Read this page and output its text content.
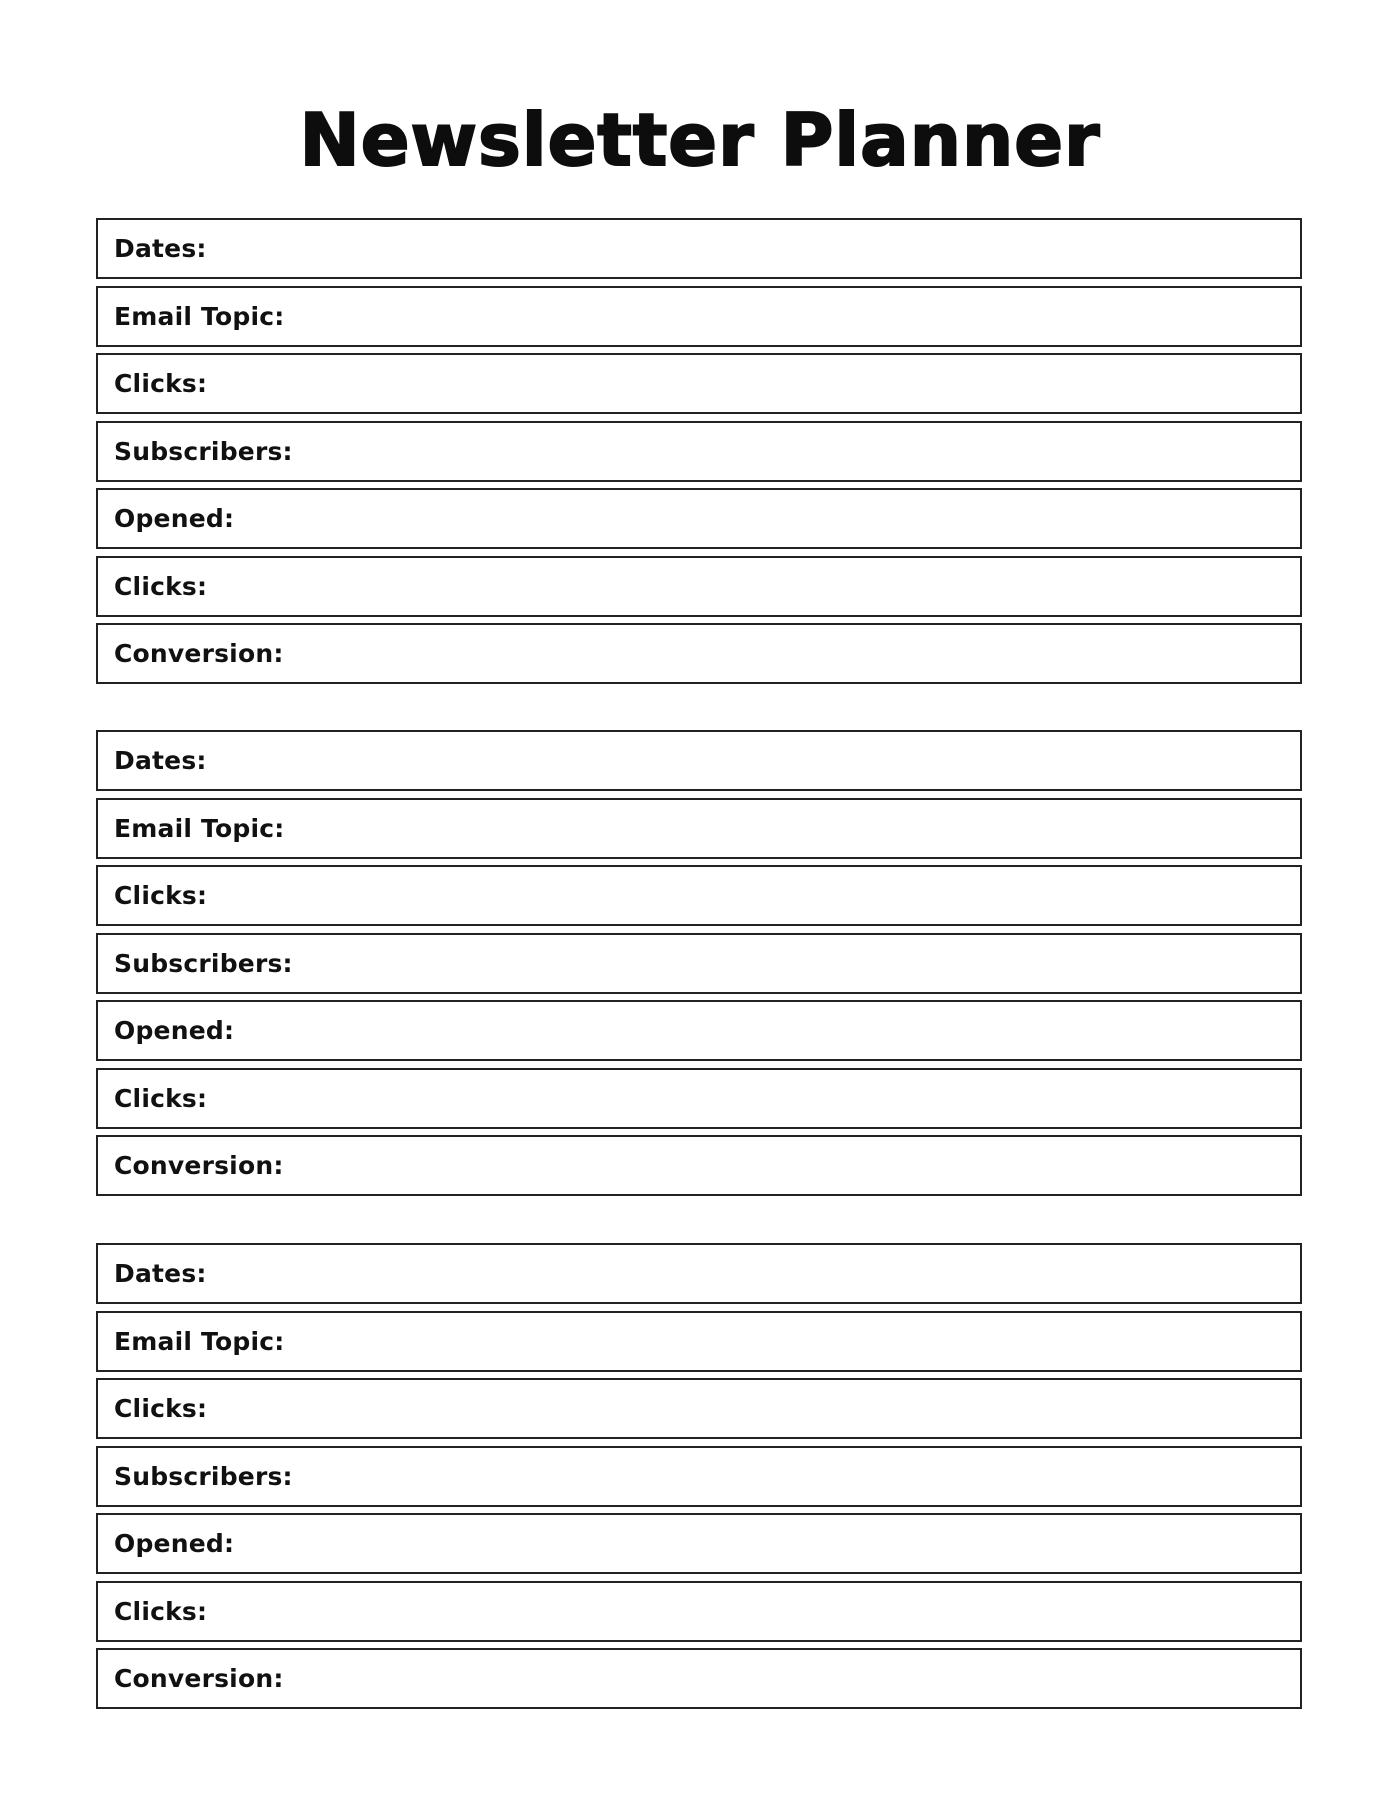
Newsletter Planner
Dates:
Email Topic:
Clicks:
Subscribers:
Opened:
Clicks:
Conversion:
Dates:
Email Topic:
Clicks:
Subscribers:
Opened:
Clicks:
Conversion:
Dates:
Email Topic:
Clicks:
Subscribers:
Opened:
Clicks:
Conversion:
